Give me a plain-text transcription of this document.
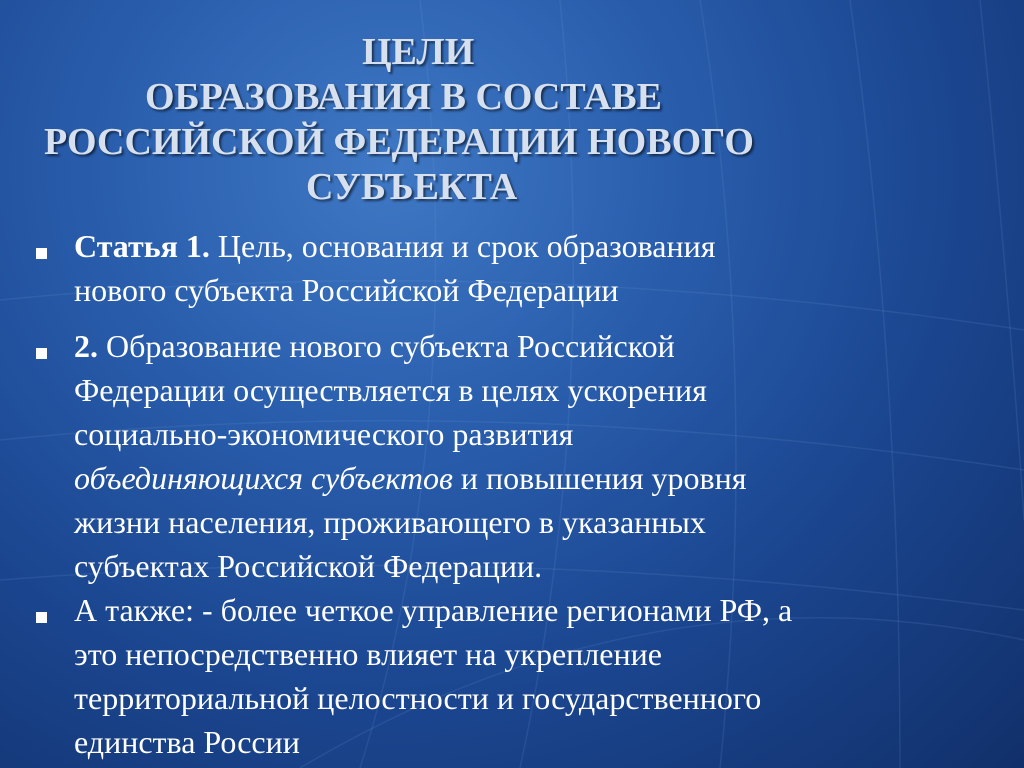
ЦЕЛИ
ОБРАЗОВАНИЯ В СОСТАВЕ
РОССИЙСКОЙ ФЕДЕРАЦИИ НОВОГО
СУБЪЕКТА
Статья 1. Цель, основания и срок образования
нового субъекта Российской Федерации
2. Образование нового субъекта Российской
Федерации осуществляется в целях ускорения
социально-экономического развития
объединяющихся субъектов и повышения уровня
жизни населения, проживающего в указанных
субъектах Российской Федерации.
А также: - более четкое управление регионами РФ, а
это непосредственно влияет на укрепление
территориальной целостности и государственного
единства России
